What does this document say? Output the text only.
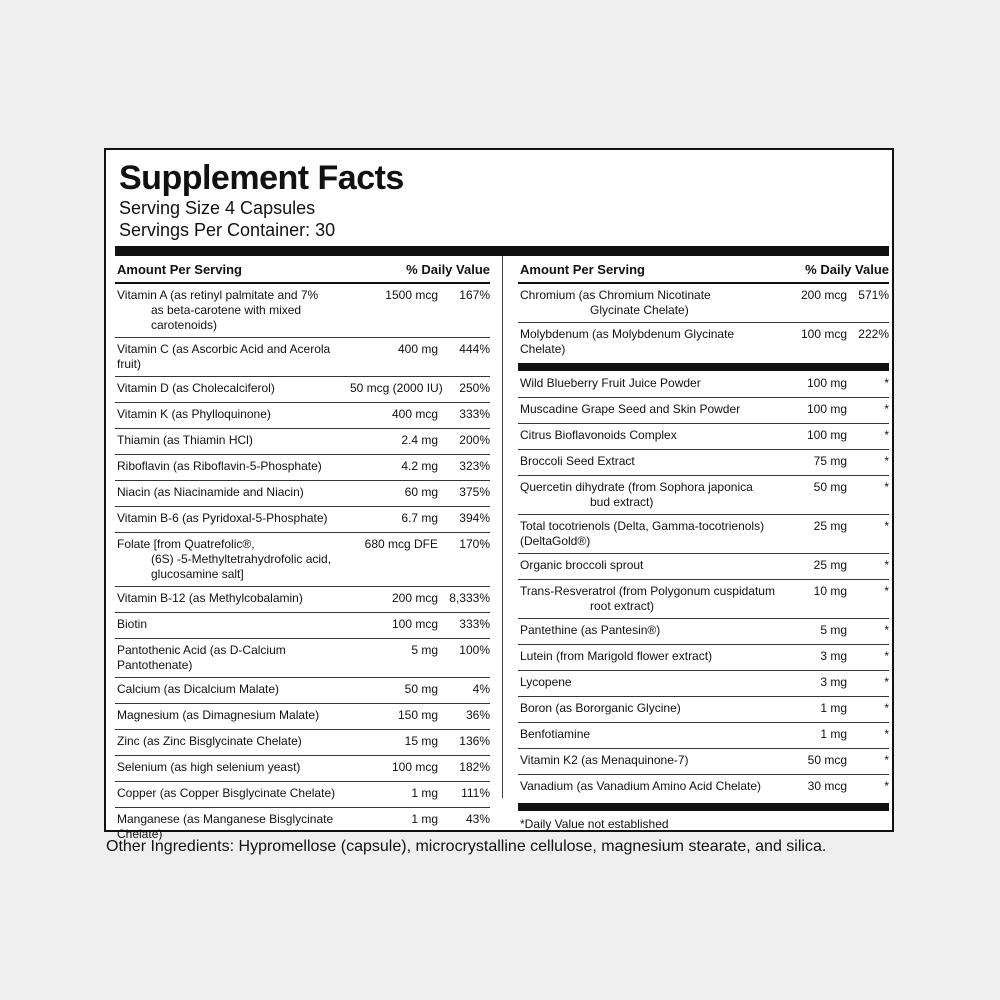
Supplement Facts
Serving Size 4 Capsules
Servings Per Container: 30
Amount Per Serving	% Daily Value
Vitamin A (as retinyl palmitate and 7%
as beta-carotene with mixed carotenoids)
1500 mcg	167%
Vitamin C (as Ascorbic Acid and Acerola fruit)
400 mg	444%
Vitamin D (as Cholecalciferol)	50 mcg (2000 IU)	250%
Vitamin K (as Phylloquinone)	400 mcg	333%
Thiamin (as Thiamin HCl)	2.4 mg	200%
Riboflavin (as Riboflavin-5-Phosphate)	4.2 mg	323%
Niacin (as Niacinamide and Niacin)	60 mg	375%
Vitamin B-6 (as Pyridoxal-5-Phosphate)	6.7 mg	394%
Folate [from Quatrefolic®,
(6S) -5-Methyltetrahydrofolic acid, glucosamine salt]
680 mcg DFE	170%
Vitamin B-12 (as Methylcobalamin)	200 mcg 8,333%
Biotin	100 mcg	333%
Pantothenic Acid (as D-Calcium Pantothenate)
5 mg	100%
Calcium (as Dicalcium Malate)	50 mg	4%
Magnesium (as Dimagnesium Malate)	150 mg	36%
Zinc (as Zinc Bisglycinate Chelate)	15 mg	136%
Selenium (as high selenium yeast)	100 mcg	182%
Copper (as Copper Bisglycinate Chelate)	1 mg	111%
Manganese (as Manganese Bisglycinate Chelate)
1 mg	43%
Amount Per Serving	% Daily Value
Chromium (as Chromium Nicotinate
Glycinate Chelate)
200 mcg 571%
Molybdenum (as Molybdenum Glycinate Chelate)
100 mcg 222%
Wild Blueberry Fruit Juice Powder	100 mg	*
Muscadine Grape Seed and Skin Powder	100 mg	*
Citrus Bioflavonoids Complex	100 mg	*
Broccoli Seed Extract	75 mg	*
Quercetin dihydrate (from Sophora japonica
bud extract)
50 mg	*
Total tocotrienols (Delta, Gamma-tocotrienols) (DeltaGold®)
25 mg	*
Organic broccoli sprout	25 mg	*
Trans-Resveratrol (from Polygonum cuspidatum
root extract)
10 mg	*
Pantethine (as Pantesin®)	5 mg	*
Lutein (from Marigold flower extract)	3 mg	*
Lycopene	3 mg	*
Boron (as Bororganic Glycine)	1 mg	*
Benfotiamine	1 mg	*
Vitamin K2 (as Menaquinone-7)	50 mcg	*
Vanadium (as Vanadium Amino Acid Chelate)	30 mcg	*
*Daily Value not established
Other Ingredients: Hypromellose (capsule), microcrystalline cellulose, magnesium stearate, and silica.
